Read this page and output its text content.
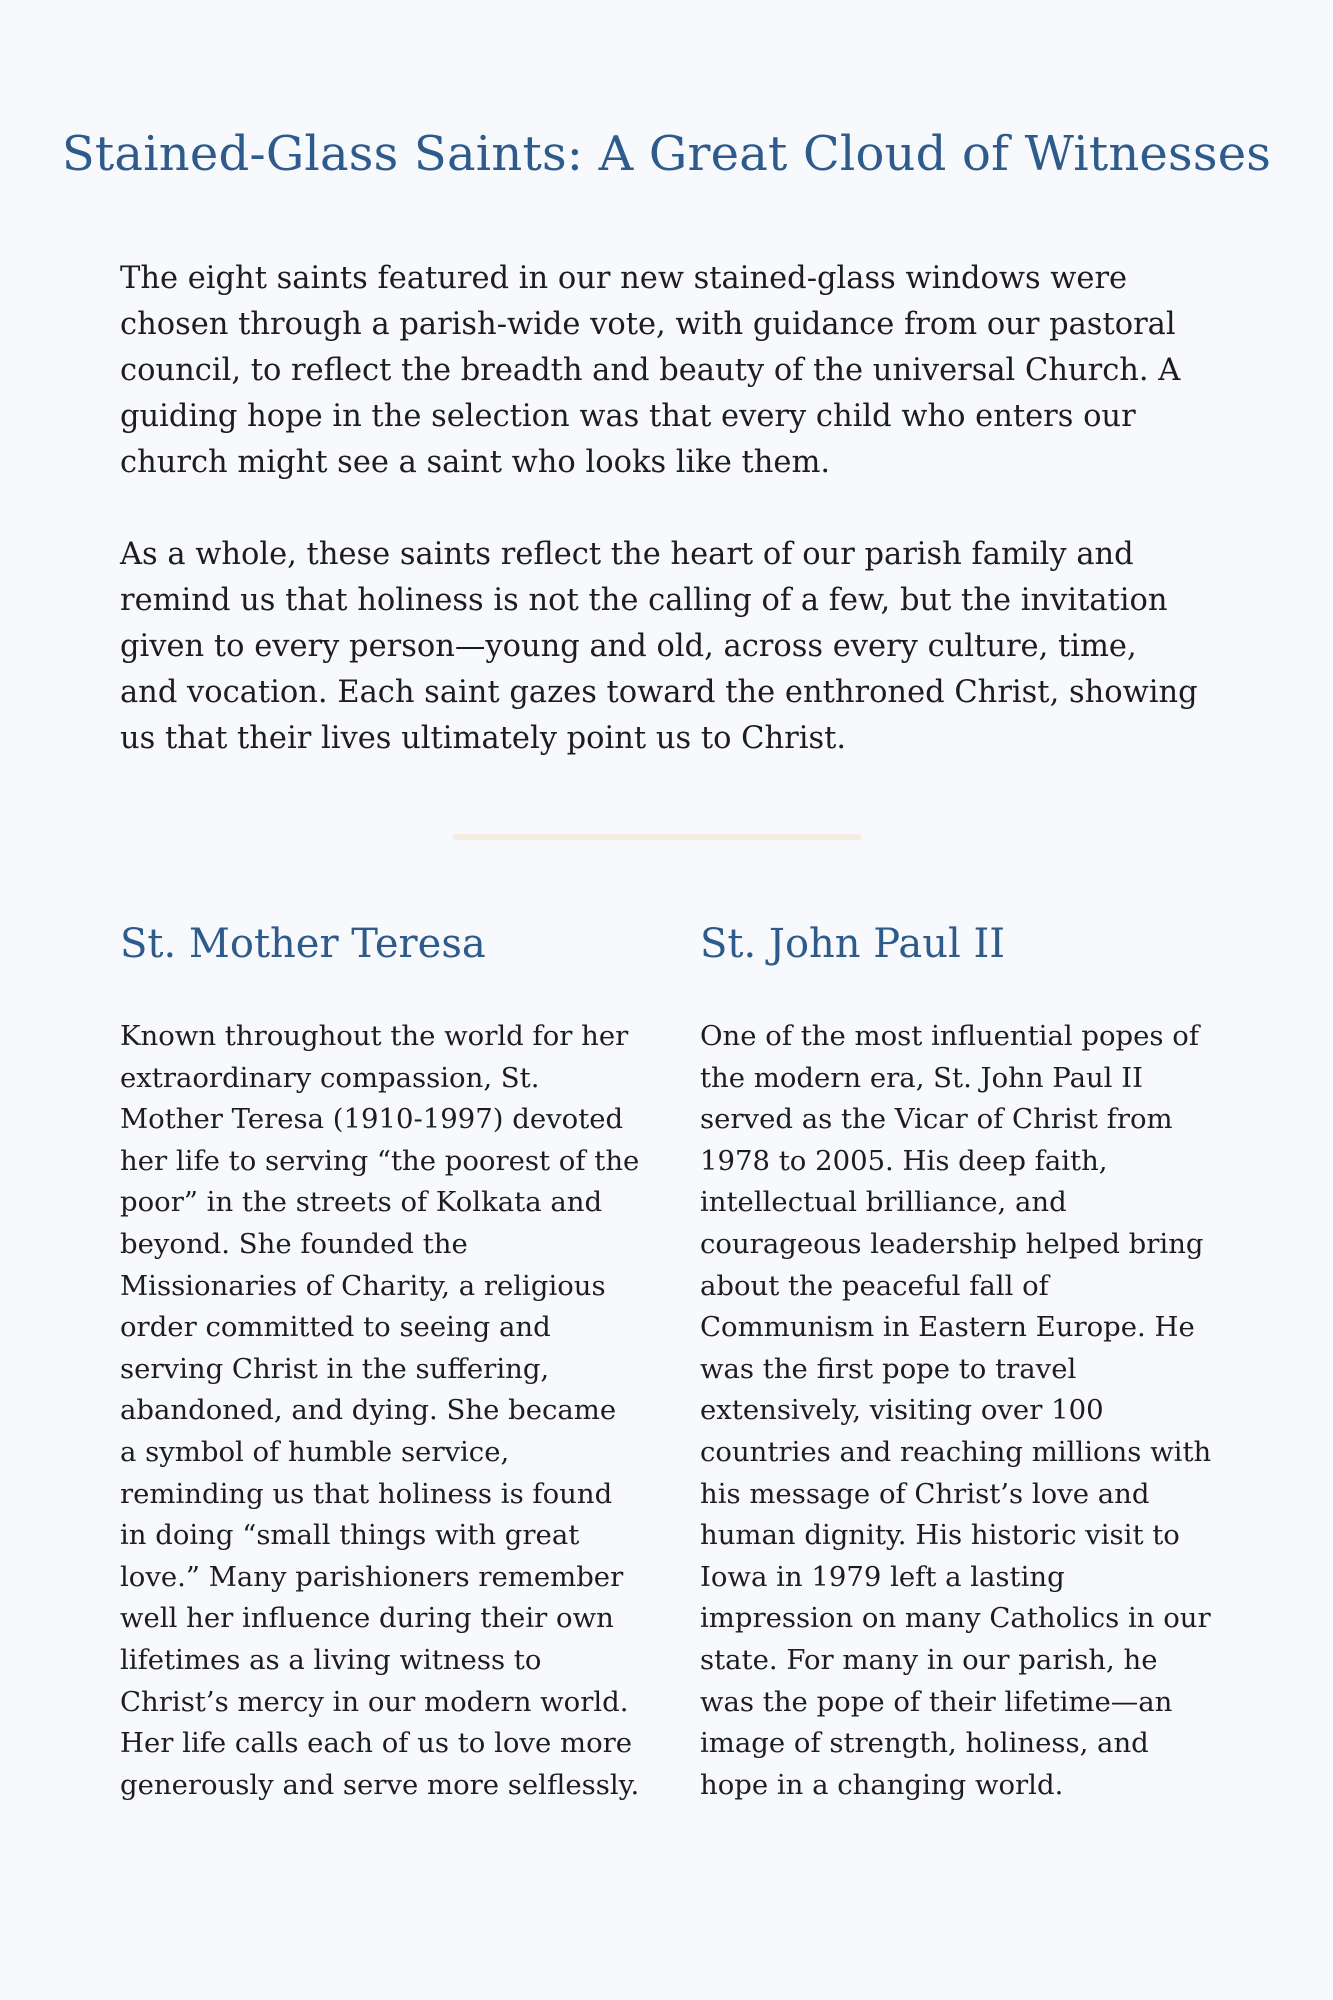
Stained-Glass Saints: A Great Cloud of Witnesses

The eight saints featured in our new stained-glass windows were chosen through a parish-wide vote, with guidance from our pastoral council, to reflect the breadth and beauty of the universal Church. A guiding hope in the selection was that every child who enters our church might see a saint who looks like them.

As a whole, these saints reflect the heart of our parish family and remind us that holiness is not the calling of a few, but the invitation given to every person—young and old, across every culture, time, and vocation. Each saint gazes toward the enthroned Christ, showing us that their lives ultimately point us to Christ.

St. Mother Teresa

Known throughout the world for her extraordinary compassion, St. Mother Teresa (1910-1997) devoted her life to serving “the poorest of the poor” in the streets of Kolkata and beyond. She founded the Missionaries of Charity, a religious order committed to seeing and serving Christ in the suffering, abandoned, and dying. She became a symbol of humble service, reminding us that holiness is found in doing “small things with great love.” Many parishioners remember well her influence during their own lifetimes as a living witness to Christ’s mercy in our modern world. Her life calls each of us to love more generously and serve more selflessly.

St. John Paul II

One of the most influential popes of the modern era, St. John Paul II served as the Vicar of Christ from 1978 to 2005. His deep faith, intellectual brilliance, and courageous leadership helped bring about the peaceful fall of Communism in Eastern Europe. He was the first pope to travel extensively, visiting over 100 countries and reaching millions with his message of Christ’s love and human dignity. His historic visit to Iowa in 1979 left a lasting impression on many Catholics in our state. For many in our parish, he was the pope of their lifetime—an image of strength, holiness, and hope in a changing world.
